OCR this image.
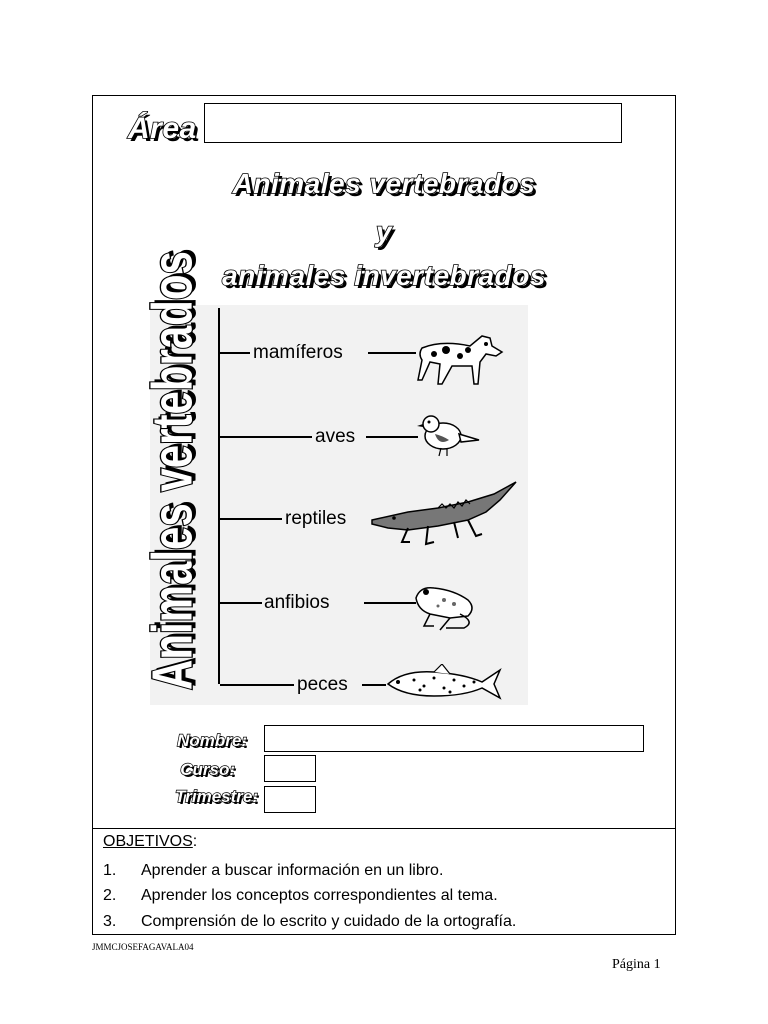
Área
Animales vertebrados
y
animales invertebrados
Animales vertebrados	mamíferos
aves
reptiles
anfibios
peces
Nombre:
Curso:
Trimestre:
OBJETIVOS:
1. Aprender a buscar información en un libro.
2. Aprender los conceptos correspondientes al tema.
3. Comprensión de lo escrito y cuidado de la ortografía.
JMMCJOSEFAGAVALA04
Página 1
